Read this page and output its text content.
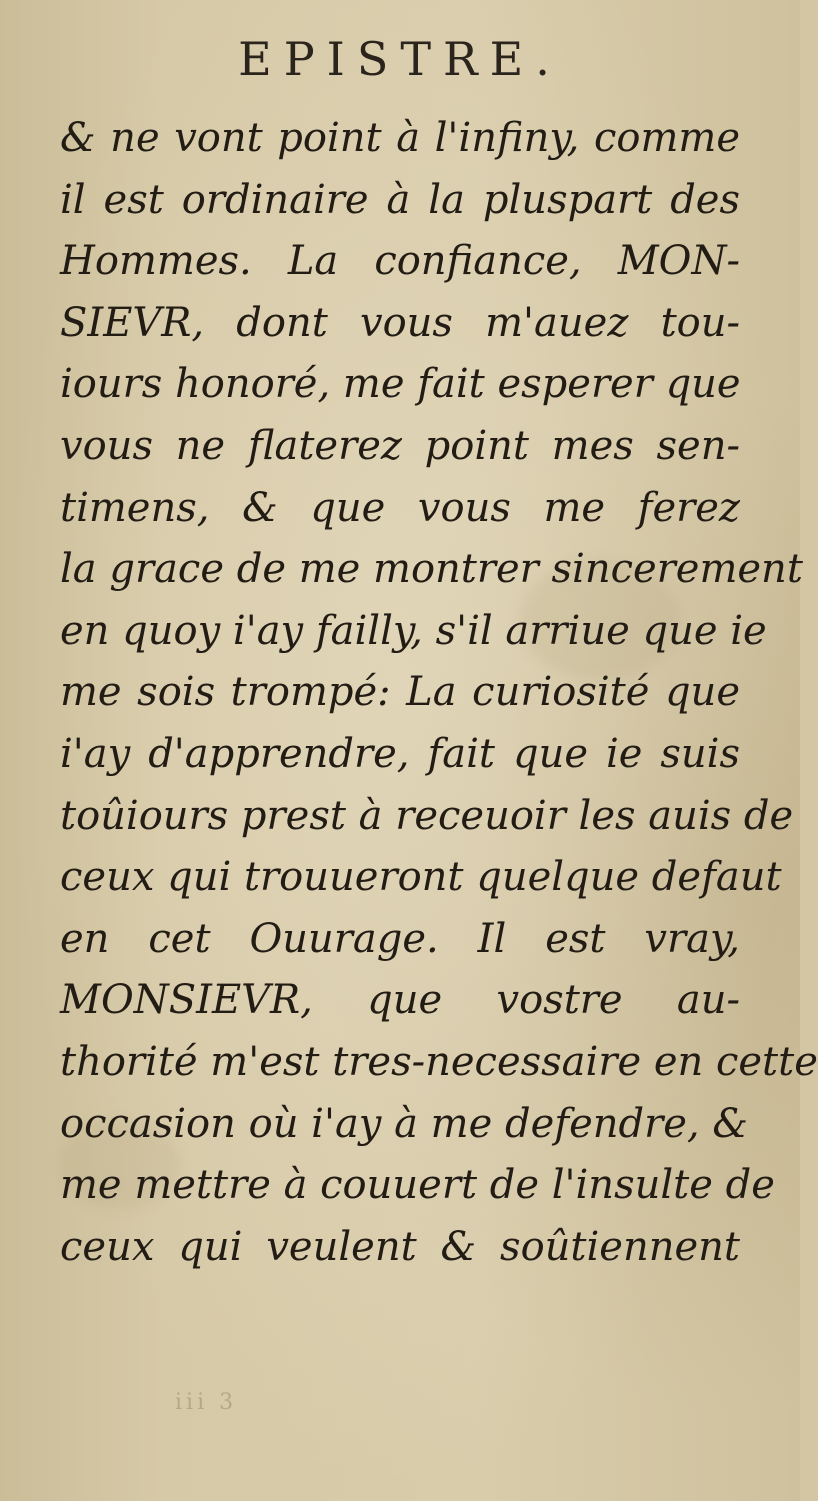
EPISTRE.
& ne vont point à l'infiny, comme
il est ordinaire à la plusp​art des
Hommes. La confiance, MON-
SIEVR, dont vous m'auez tou-
iours honoré, me fait esperer que
vous ne flaterez point mes sen-
timens, & que vous me ferez
la grace de me montrer sincerement
en quoy i'ay failly, s'il arriue que ie
me sois trompé: La curiosité que
i'ay d'apprendre, fait que ie suis
toûiours prest à receuoir les auis de
ceux qui trouueront quelque defaut
en cet Ouurage. Il est vray,
MONSIEVR, que vostre au-
thorité m'est tres-necessaire en cette
occasion où i'ay à me defendre, &
me mettre à couuert de l'insulte de
ceux qui veulent & soûtiennent
iii 3
